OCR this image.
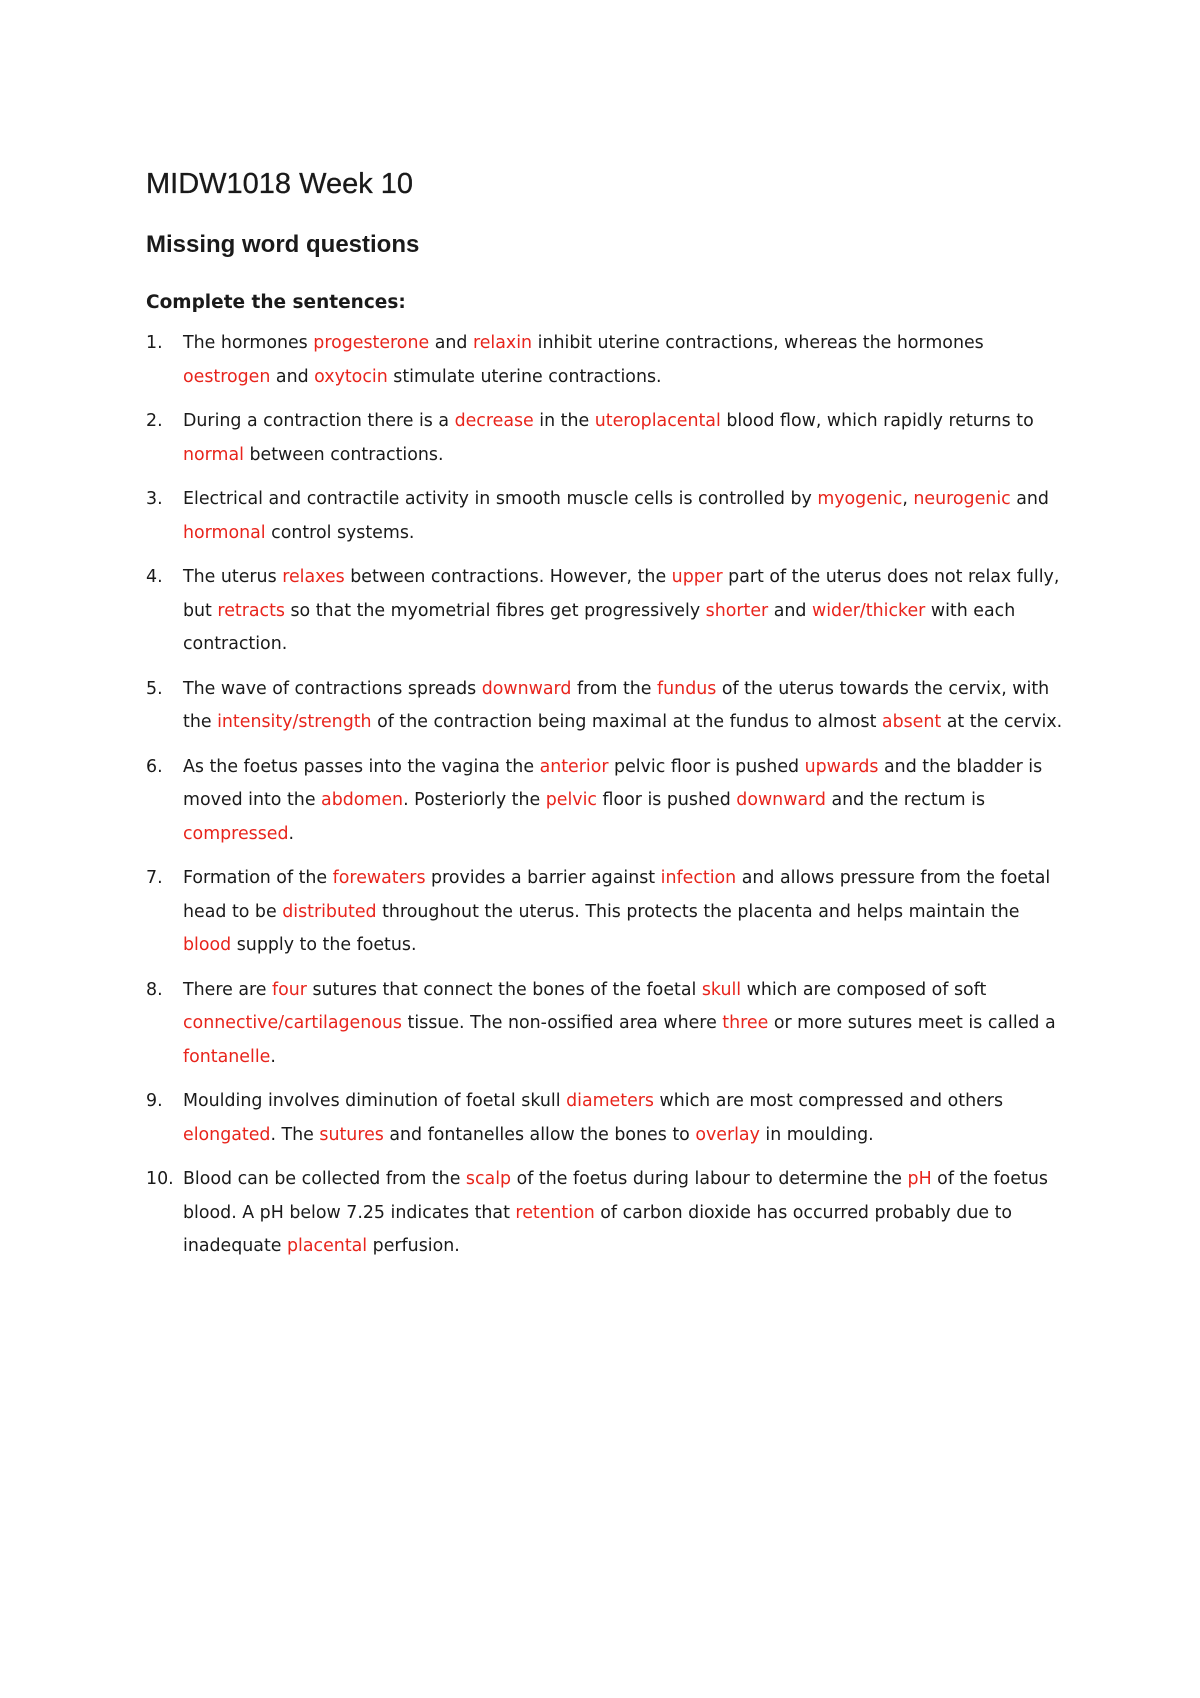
MIDW1018 Week 10
Missing word questions

Complete the sentences:

1. The hormones progesterone and relaxin inhibit uterine contractions, whereas the hormones oestrogen and oxytocin stimulate uterine contractions.
2. During a contraction there is a decrease in the uteroplacental blood flow, which rapidly returns to normal between contractions.
3. Electrical and contractile activity in smooth muscle cells is controlled by myogenic, neurogenic and hormonal control systems.
4. The uterus relaxes between contractions. However, the upper part of the uterus does not relax fully, but retracts so that the myometrial fibres get progressively shorter and wider/thicker with each contraction.
5. The wave of contractions spreads downward from the fundus of the uterus towards the cervix, with the intensity/strength of the contraction being maximal at the fundus to almost absent at the cervix.
6. As the foetus passes into the vagina the anterior pelvic floor is pushed upwards and the bladder is moved into the abdomen. Posteriorly the pelvic floor is pushed downward and the rectum is compressed.
7. Formation of the forewaters provides a barrier against infection and allows pressure from the foetal head to be distributed throughout the uterus. This protects the placenta and helps maintain the blood supply to the foetus.
8. There are four sutures that connect the bones of the foetal skull which are composed of soft connective/cartilagenous tissue. The non-ossified area where three or more sutures meet is called a fontanelle.
9. Moulding involves diminution of foetal skull diameters which are most compressed and others elongated. The sutures and fontanelles allow the bones to overlay in moulding.
10. Blood can be collected from the scalp of the foetus during labour to determine the pH of the foetus blood. A pH below 7.25 indicates that retention of carbon dioxide has occurred probably due to inadequate placental perfusion.
